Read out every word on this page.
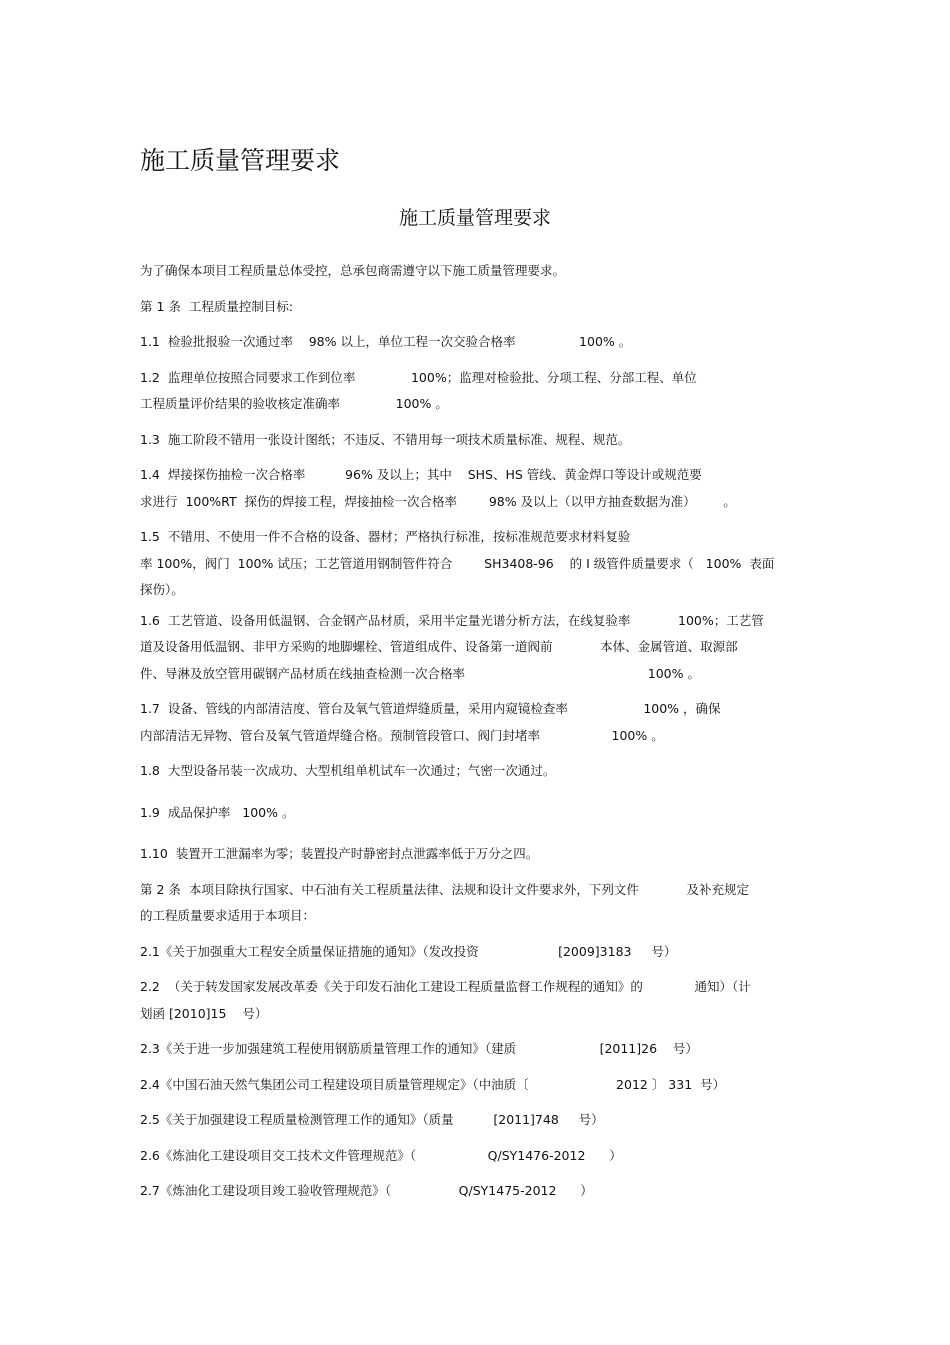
施工质量管理要求
施工质量管理要求

为了确保本项目工程质量总体受控，总承包商需遵守以下施工质量管理要求。

第 1 条  工程质量控制目标:

1.1  检验批报验一次通过率    98% 以上，单位工程一次交验合格率                100% 。

1.2  监理单位按照合同要求工作到位率              100%；监理对检验批、分项工程、分部工程、单位
工程质量评价结果的验收核定准确率              100% 。

1.3  施工阶段不错用一张设计图纸；不违反、不错用每一项技术质量标准、规程、规范。

1.4  焊接探伤抽检一次合格率          96% 及以上；其中    SHS、HS 管线、黄金焊口等设计或规范要
求进行  100%RT  探伤的焊接工程，焊接抽检一次合格率        98% 及以上（以甲方抽查数据为准）       。

1.5  不错用、不使用一件不合格的设备、器材；严格执行标准，按标准规范要求材料复验
率 100%，阀门  100% 试压；工艺管道用钢制管件符合        SH3408-96    的 Ⅰ 级管件质量要求（   100%  表面
探伤）。

1.6  工艺管道、设备用低温钢、合金钢产品材质，采用半定量光谱分析方法，在线复验率            100%；工艺管
道及设备用低温钢、非甲方采购的地脚螺栓、管道组成件、设备第一道阀前            本体、金属管道、取源部
件、导淋及放空管用碳钢产品材质在线抽查检测一次合格率                                              100% 。

1.7  设备、管线的内部清洁度、管台及氧气管道焊缝质量，采用内窥镜检查率                   100% ，确保
内部清洁无异物、管台及氧气管道焊缝合格。预制管段管口、阀门封堵率                  100% 。

1.8  大型设备吊装一次成功、大型机组单机试车一次通过；气密一次通过。

1.9  成品保护率   100% 。

1.10  装置开工泄漏率为零；装置投产时静密封点泄露率低于万分之四。

第 2 条  本项目除执行国家、中石油有关工程质量法律、法规和设计文件要求外，下列文件            及补充规定
的工程质量要求适用于本项目：

2.1《关于加强重大工程安全质量保证措施的通知》（发改投资                    [2009]3183     号）

2.2  （关于转发国家发展改革委《关于印发石油化工建设工程质量监督工作规程的通知》的             通知）（计
划函 [2010]15    号）

2.3《关于进一步加强建筑工程使用钢筋质量管理工作的通知》（建质                     [2011]26    号）

2.4《中国石油天然气集团公司工程建设项目质量管理规定》（中油质〔                      2012 〕 331  号）

2.5《关于加强建设工程质量检测管理工作的通知》（质量          [2011]748     号）

2.6《炼油化工建设项目交工技术文件管理规范》（                  Q/SY1476-2012      ）

2.7《炼油化工建设项目竣工验收管理规范》（                 Q/SY1475-2012      ）
